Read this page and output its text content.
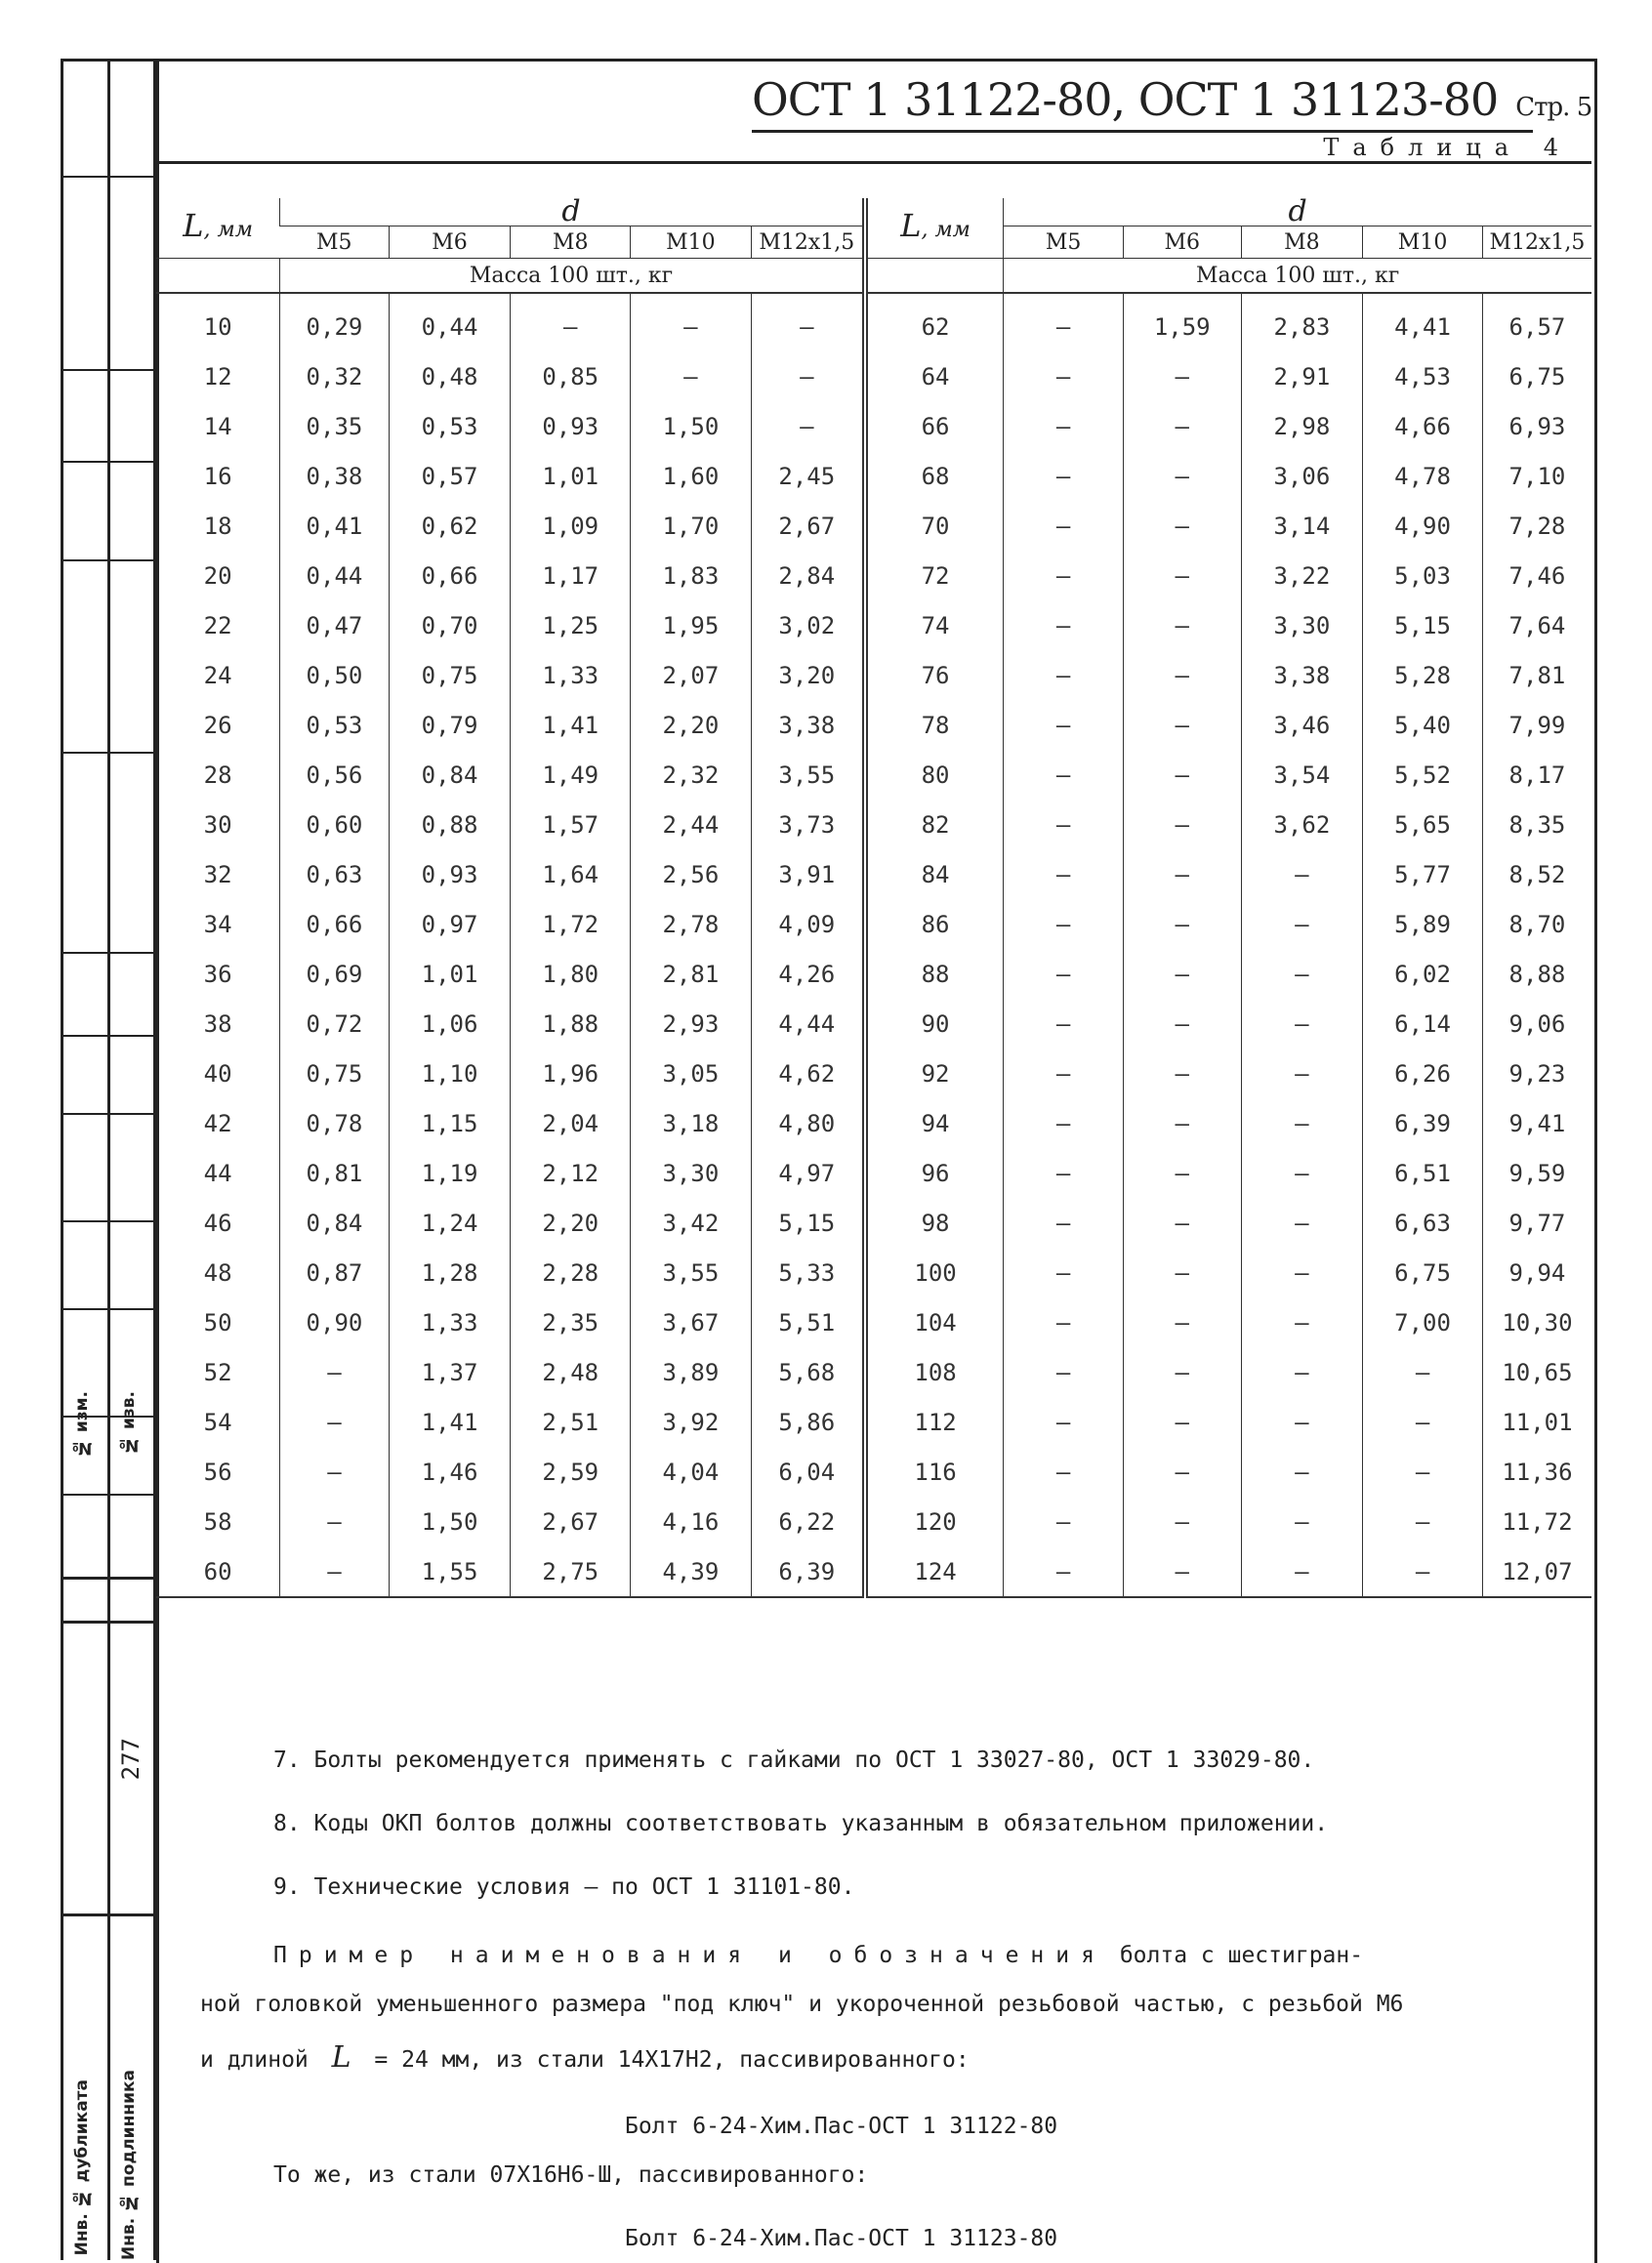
№ изм. № изв.
277
Инв. № дубликата Инв. № подлинника
ОСТ 1 31122-80, ОСТ 1 31123-80 Стр. 5
Таблица 4
L, мм	d					L, мм	d				
	М5	М6	М8	М10	М12х1,5		М5	М6	М8	М10	М12х1,5
	Масса 100 шт., кг						Масса 100 шт., кг				
10	0,29	0,44	–	–	–	62	–	1,59	2,83	4,41	6,57
12	0,32	0,48	0,85	–	–	64	–	–	2,91	4,53	6,75
14	0,35	0,53	0,93	1,50	–	66	–	–	2,98	4,66	6,93
16	0,38	0,57	1,01	1,60	2,45	68	–	–	3,06	4,78	7,10
18	0,41	0,62	1,09	1,70	2,67	70	–	–	3,14	4,90	7,28
20	0,44	0,66	1,17	1,83	2,84	72	–	–	3,22	5,03	7,46
22	0,47	0,70	1,25	1,95	3,02	74	–	–	3,30	5,15	7,64
24	0,50	0,75	1,33	2,07	3,20	76	–	–	3,38	5,28	7,81
26	0,53	0,79	1,41	2,20	3,38	78	–	–	3,46	5,40	7,99
28	0,56	0,84	1,49	2,32	3,55	80	–	–	3,54	5,52	8,17
30	0,60	0,88	1,57	2,44	3,73	82	–	–	3,62	5,65	8,35
32	0,63	0,93	1,64	2,56	3,91	84	–	–	–	5,77	8,52
34	0,66	0,97	1,72	2,78	4,09	86	–	–	–	5,89	8,70
36	0,69	1,01	1,80	2,81	4,26	88	–	–	–	6,02	8,88
38	0,72	1,06	1,88	2,93	4,44	90	–	–	–	6,14	9,06
40	0,75	1,10	1,96	3,05	4,62	92	–	–	–	6,26	9,23
42	0,78	1,15	2,04	3,18	4,80	94	–	–	–	6,39	9,41
44	0,81	1,19	2,12	3,30	4,97	96	–	–	–	6,51	9,59
46	0,84	1,24	2,20	3,42	5,15	98	–	–	–	6,63	9,77
48	0,87	1,28	2,28	3,55	5,33	100	–	–	–	6,75	9,94
50	0,90	1,33	2,35	3,67	5,51	104	–	–	–	7,00	10,30
52	–	1,37	2,48	3,89	5,68	108	–	–	–	–	10,65
54	–	1,41	2,51	3,92	5,86	112	–	–	–	–	11,01
56	–	1,46	2,59	4,04	6,04	116	–	–	–	–	11,36
58	–	1,50	2,67	4,16	6,22	120	–	–	–	–	11,72
60	–	1,55	2,75	4,39	6,39	124	–	–	–	–	12,07

7. Болты рекомендуется применять с гайками по ОСТ 1 33027-80, ОСТ 1 33029-80.

8. Коды ОКП болтов должны соответствовать указанным в обязательном приложении.

9. Технические условия – по ОСТ 1 31101-80.

Пример наименования и обозначения болта с шестигран-

ной головкой уменьшенного размера "под ключ" и укороченной резьбовой частью, с резьбой М6

и длиной L = 24 мм, из стали 14Х17Н2, пассивированного:

Болт 6-24-Хим.Пас-ОСТ 1 31122-80

То же, из стали 07Х16Н6-Ш, пассивированного:

Болт 6-24-Хим.Пас-ОСТ 1 31123-80
